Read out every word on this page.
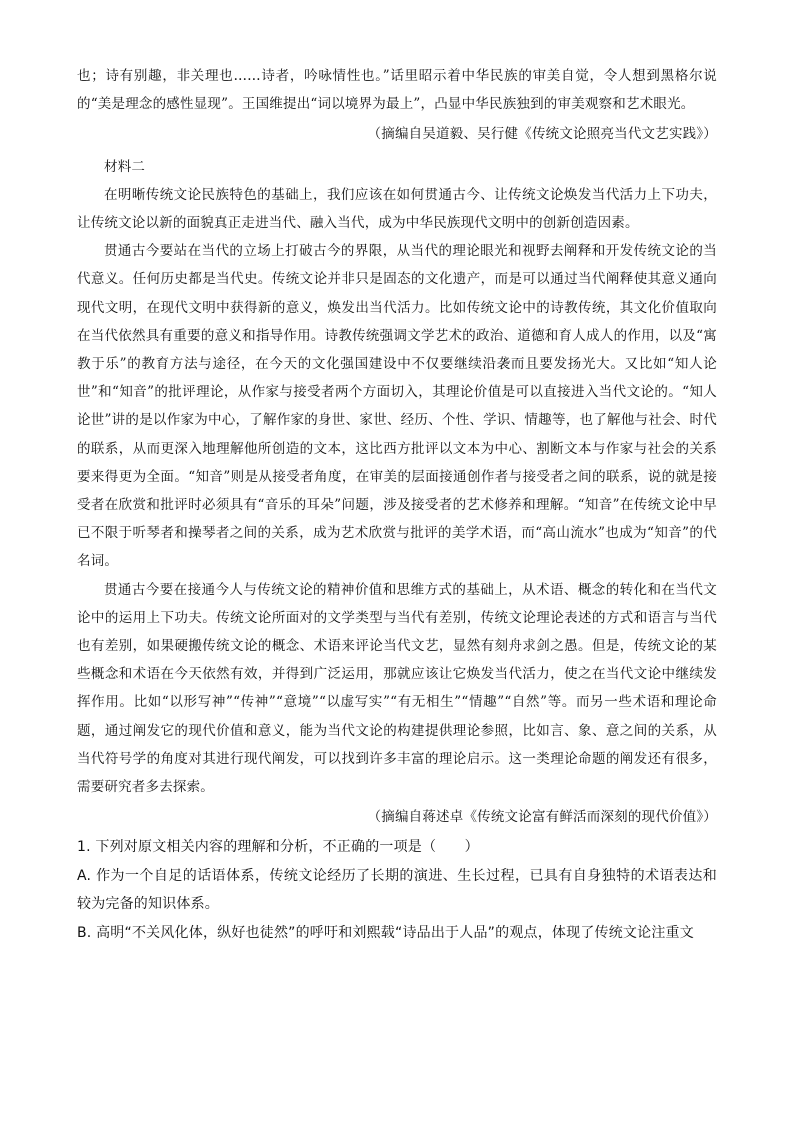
也；诗有别趣，非关理也……诗者，吟咏情性也。”话里昭示着中华民族的审美自觉，令人想到黑格尔说的“美是理念的感性显现”。王国维提出“词以境界为最上”，凸显中华民族独到的审美观察和艺术眼光。

（摘编自吴道毅、吴行健《传统文论照亮当代文艺实践》）

材料二

在明晰传统文论民族特色的基础上，我们应该在如何贯通古今、让传统文论焕发当代活力上下功夫，让传统文论以新的面貌真正走进当代、融入当代，成为中华民族现代文明中的创新创造因素。

贯通古今要站在当代的立场上打破古今的界限，从当代的理论眼光和视野去阐释和开发传统文论的当代意义。任何历史都是当代史。传统文论并非只是固态的文化遗产，而是可以通过当代阐释使其意义通向现代文明，在现代文明中获得新的意义，焕发出当代活力。比如传统文论中的诗教传统，其文化价值取向在当代依然具有重要的意义和指导作用。诗教传统强调文学艺术的政治、道德和育人成人的作用，以及“寓教于乐”的教育方法与途径，在今天的文化强国建设中不仅要继续沿袭而且要发扬光大。又比如“知人论世”和“知音”的批评理论，从作家与接受者两个方面切入，其理论价值是可以直接进入当代文论的。“知人论世”讲的是以作家为中心，了解作家的身世、家世、经历、个性、学识、情趣等，也了解他与社会、时代的联系，从而更深入地理解他所创造的文本，这比西方批评以文本为中心、割断文本与作家与社会的关系要来得更为全面。“知音”则是从接受者角度，在审美的层面接通创作者与接受者之间的联系，说的就是接受者在欣赏和批评时必须具有“音乐的耳朵”问题，涉及接受者的艺术修养和理解。“知音”在传统文论中早已不限于听琴者和操琴者之间的关系，成为艺术欣赏与批评的美学术语，而“高山流水”也成为“知音”的代名词。

贯通古今要在接通今人与传统文论的精神价值和思维方式的基础上，从术语、概念的转化和在当代文论中的运用上下功夫。传统文论所面对的文学类型与当代有差别，传统文论理论表述的方式和语言与当代也有差别，如果硬搬传统文论的概念、术语来评论当代文艺，显然有刻舟求剑之愚。但是，传统文论的某些概念和术语在今天依然有效，并得到广泛运用，那就应该让它焕发当代活力，使之在当代文论中继续发挥作用。比如“以形写神”“传神”“意境”“以虚写实”“有无相生”“情趣”“自然”等。而另一些术语和理论命题，通过阐发它的现代价值和意义，能为当代文论的构建提供理论参照，比如言、象、意之间的关系，从当代符号学的角度对其进行现代阐发，可以找到许多丰富的理论启示。这一类理论命题的阐发还有很多，需要研究者多去探索。

（摘编自蒋述卓《传统文论富有鲜活而深刻的现代价值》）

1. 下列对原文相关内容的理解和分析，不正确的一项是（　　）

A. 作为一个自足的话语体系，传统文论经历了长期的演进、生长过程，已具有自身独特的术语表达和较为完备的知识体系。

B. 高明“不关风化体，纵好也徒然”的呼吁和刘熙载“诗品出于人品”的观点，体现了传统文论注重文
